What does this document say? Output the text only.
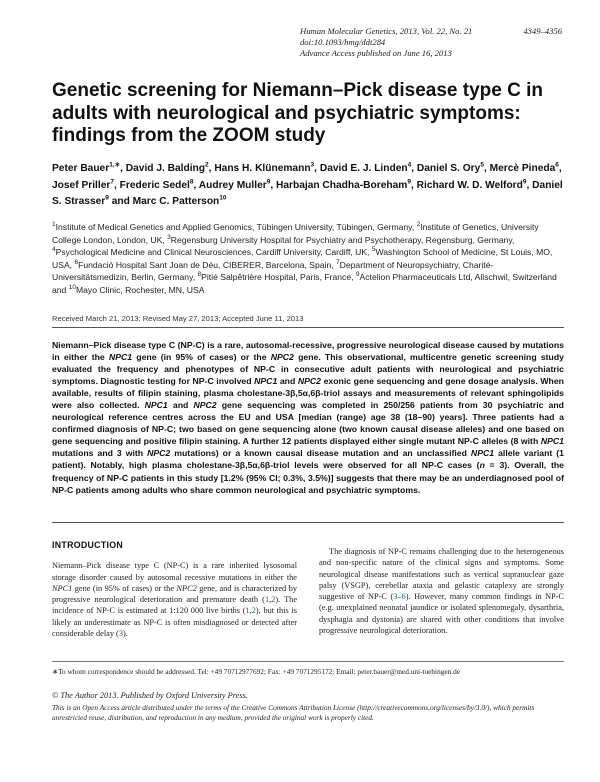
Human Molecular Genetics, 2013, Vol. 22, No. 21	4349–4356
doi:10.1093/hmg/ddt284
Advance Access published on June 16, 2013
Genetic screening for Niemann–Pick disease type C in adults with neurological and psychiatric symptoms: findings from the ZOOM study
Peter Bauer$^{1,∗}$, David J. Balding$^2$, Hans H. Klünemann$^3$, David E. J. Linden$^4$, Daniel S. Ory$^5$, Mercè Pineda$^6$, Josef Priller$^7$, Frederic Sedel$^8$, Audrey Muller$^9$, Harbajan Chadha-Boreham$^9$, Richard W. D. Welford$^9$, Daniel S. Strasser$^9$ and Marc C. Patterson$^{10}$
$^1$Institute of Medical Genetics and Applied Genomics, Tübingen University, Tübingen, Germany, $^2$Institute of Genetics, University College London, London, UK, $^3$Regensburg University Hospital for Psychiatry and Psychotherapy, Regensburg, Germany, $^4$Psychological Medicine and Clinical Neurosciences, Cardiff University, Cardiff, UK, $^5$Washington School of Medicine, St Louis, MO, USA, $^6$Fundació Hospital Sant Joan de Déu, CIBERER, Barcelona, Spain, $^7$Department of Neuropsychiatry, Charité-Universitätsmedizin, Berlin, Germany, $^8$Pitié Salpêtrière Hospital, Paris, France, $^9$Actelion Pharmaceuticals Ltd, Allschwil, Switzerland and $^{10}$Mayo Clinic, Rochester, MN, USA
Received March 21, 2013; Revised May 27, 2013; Accepted June 11, 2013
Niemann–Pick disease type C (NP-C) is a rare, autosomal-recessive, progressive neurological disease caused by mutations in either the NPC1 gene (in 95% of cases) or the NPC2 gene. This observational, multicentre genetic screening study evaluated the frequency and phenotypes of NP-C in consecutive adult patients with neurological and psychiatric symptoms. Diagnostic testing for NP-C involved NPC1 and NPC2 exonic gene sequencing and gene dosage analysis. When available, results of filipin staining, plasma cholestane-3β,5α,6β-triol assays and measurements of relevant sphingolipids were also collected. NPC1 and NPC2 gene sequencing was completed in 250/256 patients from 30 psychiatric and neurological reference centres across the EU and USA [median (range) age 38 (18–90) years]. Three patients had a confirmed diagnosis of NP-C; two based on gene sequencing alone (two known causal disease alleles) and one based on gene sequencing and positive filipin staining. A further 12 patients displayed either single mutant NP-C alleles (8 with NPC1 mutations and 3 with NPC2 mutations) or a known causal disease mutation and an unclassified NPC1 allele variant (1 patient). Notably, high plasma cholestane-3β,5α,6β-triol levels were observed for all NP-C cases (n = 3). Overall, the frequency of NP-C patients in this study [1.2% (95% CI; 0.3%, 3.5%)] suggests that there may be an underdiagnosed pool of NP-C patients among adults who share common neurological and psychiatric symptoms.
INTRODUCTION

Niemann–Pick disease type C (NP-C) is a rare inherited lysosomal storage disorder caused by autosomal recessive mutations in either the NPC1 gene (in 95% of cases) or the NPC2 gene, and is characterized by progressive neurological deterioration and premature death (1,2). The incidence of NP-C is estimated at 1:120 000 live births (1,2), but this is likely an underestimate as NP-C is often misdiagnosed or detected after considerable delay (3).

The diagnosis of NP-C remains challenging due to the heterogeneous and non-specific nature of the clinical signs and symptoms. Some neurological disease manifestations such as vertical supranuclear gaze palsy (VSGP), cerebellar ataxia and gelastic cataplexy are strongly suggestive of NP-C (3–6). However, many common findings in NP-C (e.g. unexplained neonatal jaundice or isolated splenomegaly, dysarthria, dysphagia and dystonia) are shared with other conditions that involve progressive neurological deterioration.

∗To whom correspondence should be addressed. Tel: +49 70712977692; Fax: +49 7071295172; Email: peter.bauer@med.uni-tuebingen.de
© The Author 2013. Published by Oxford University Press.
This is an Open Access article distributed under the terms of the Creative Commons Attribution License (http://creativecommons.org/licenses/by/3.0/), which permits unrestricted reuse, distribution, and reproduction in any medium, provided the original work is properly cited.
